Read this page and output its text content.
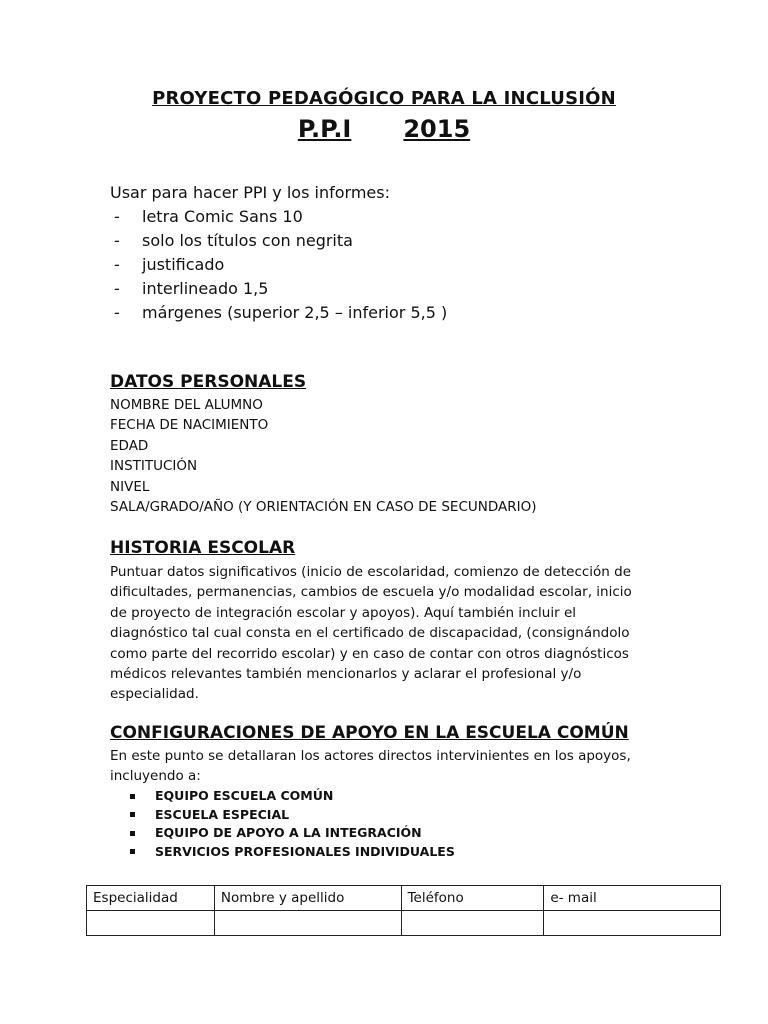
PROYECTO PEDAGÓGICO PARA LA INCLUSIÓN
P.P.I 2015
Usar para hacer PPI y los informes:
-	letra Comic Sans 10
-	solo los títulos con negrita
-	justificado
-	interlineado 1,5
-	márgenes (superior 2,5 – inferior 5,5 )
DATOS PERSONALES
NOMBRE DEL ALUMNO
FECHA DE NACIMIENTO
EDAD
INSTITUCIÓN
NIVEL
SALA/GRADO/AÑO (Y ORIENTACIÓN EN CASO DE SECUNDARIO)
HISTORIA ESCOLAR
Puntuar datos significativos (inicio de escolaridad, comienzo de detección de
dificultades, permanencias, cambios de escuela y/o modalidad escolar, inicio
de proyecto de integración escolar y apoyos). Aquí también incluir el
diagnóstico tal cual consta en el certificado de discapacidad, (consignándolo
como parte del recorrido escolar) y en caso de contar con otros diagnósticos
médicos relevantes también mencionarlos y aclarar el profesional y/o
especialidad.
CONFIGURACIONES DE APOYO EN LA ESCUELA COMÚN
En este punto se detallaran los actores directos intervinientes en los apoyos,
incluyendo a:
EQUIPO ESCUELA COMÚN
ESCUELA ESPECIAL
EQUIPO DE APOYO A LA INTEGRACIÓN
SERVICIOS PROFESIONALES INDIVIDUALES
Especialidad	Nombre y apellido	Teléfono	e- mail
